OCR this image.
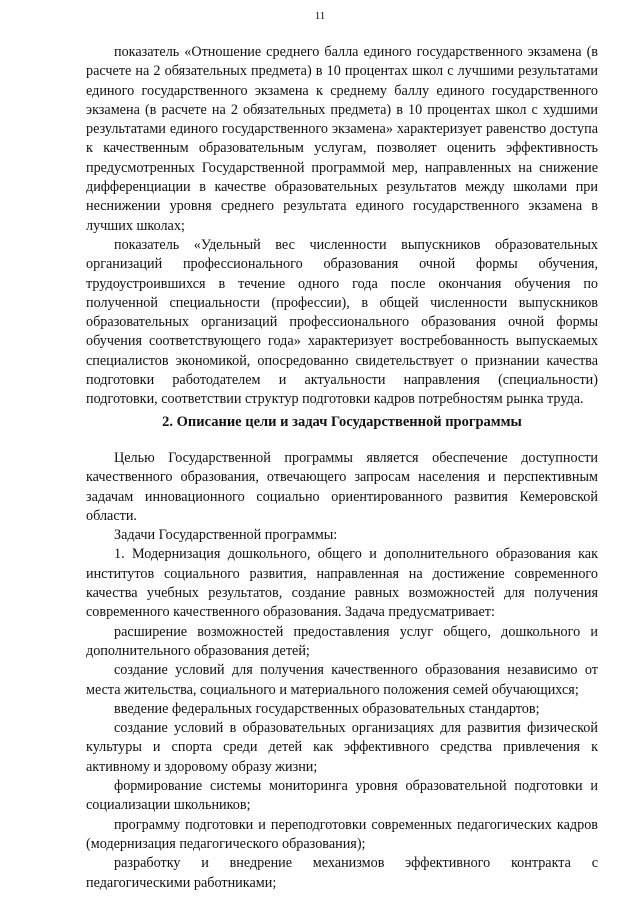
11

показатель «Отношение среднего балла единого государственного экзамена (в расчете на 2 обязательных предмета) в 10 процентах школ с лучшими результатами единого государственного экзамена к среднему баллу единого государственного экзамена (в расчете на 2 обязательных предмета) в 10 процентах школ с худшими результатами единого государственного экзамена» характеризует равенство доступа к качественным образовательным услугам, позволяет оценить эффективность предусмотренных Государственной программой мер, направленных на снижение дифференциации в качестве образовательных результатов между школами при неснижении уровня среднего результата единого государственного экзамена в лучших школах;

показатель «Удельный вес численности выпускников образовательных организаций профессионального образования очной формы обучения, трудоустроившихся в течение одного года после окончания обучения по полученной специальности (профессии), в общей численности выпускников образовательных организаций профессионального образования очной формы обучения соответствующего года» характеризует востребованность выпускаемых специалистов экономикой, опосредованно свидетельствует о признании качества подготовки работодателем и актуальности направления (специальности) подготовки, соответствии структур подготовки кадров потребностям рынка труда.

2. Описание цели и задач Государственной программы

Целью Государственной программы является обеспечение доступности качественного образования, отвечающего запросам населения и перспективным задачам инновационного социально ориентированного развития Кемеровской области.

Задачи Государственной программы:

1. Модернизация дошкольного, общего и дополнительного образования как институтов социального развития, направленная на достижение современного качества учебных результатов, создание равных возможностей для получения современного качественного образования. Задача предусматривает:

расширение возможностей предоставления услуг общего, дошкольного и дополнительного образования детей;

создание условий для получения качественного образования независимо от места жительства, социального и материального положения семей обучающихся;

введение федеральных государственных образовательных стандартов;

создание условий в образовательных организациях для развития физической культуры и спорта среди детей как эффективного средства привлечения к активному и здоровому образу жизни;

формирование системы мониторинга уровня образовательной подготовки и социализации школьников;

программу подготовки и переподготовки современных педагогических кадров (модернизация педагогического образования);

разработку и внедрение механизмов эффективного контракта с педагогическими работниками;
